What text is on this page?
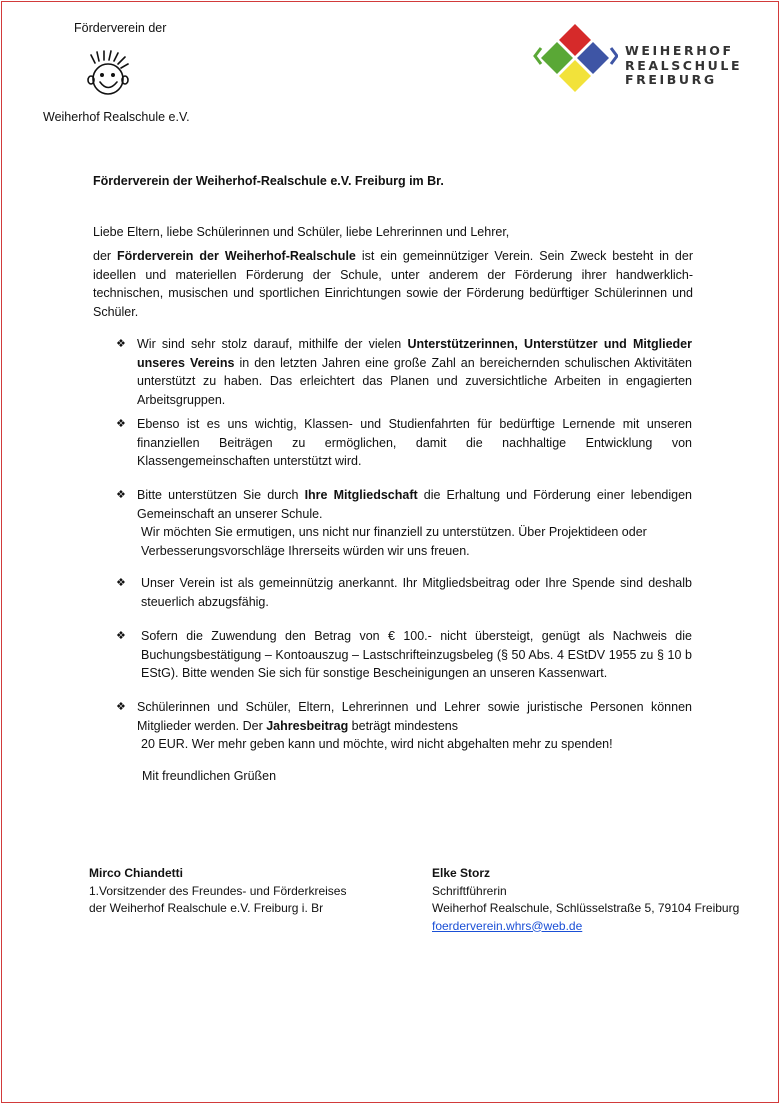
Förderverein der
Weiherhof Realschule e.V.
WEIHERHOF
REALSCHULE
FREIBURG
Förderverein der Weiherhof-Realschule e.V. Freiburg im Br.
Liebe Eltern, liebe Schülerinnen und Schüler, liebe Lehrerinnen und Lehrer,
der Förderverein der Weiherhof-Realschule ist ein gemeinnütziger Verein. Sein Zweck besteht in der ideellen und materiellen Förderung der Schule, unter anderem der Förderung ihrer handwerklich-technischen, musischen und sportlichen Einrichtungen sowie der Förderung bedürftiger Schülerinnen und Schüler.
❖ Wir sind sehr stolz darauf, mithilfe der vielen Unterstützerinnen, Unterstützer und Mitglieder unseres Vereins in den letzten Jahren eine große Zahl an bereichernden schulischen Aktivitäten unterstützt zu haben. Das erleichtert das Planen und zuversichtliche Arbeiten in engagierten Arbeitsgruppen.
❖ Ebenso ist es uns wichtig, Klassen- und Studienfahrten für bedürftige Lernende mit unseren finanziellen Beiträgen zu ermöglichen, damit die nachhaltige Entwicklung von Klassengemeinschaften unterstützt wird.
❖ Bitte unterstützen Sie durch Ihre Mitgliedschaft die Erhaltung und Förderung einer lebendigen Gemeinschaft an unserer Schule.
Wir möchten Sie ermutigen, uns nicht nur finanziell zu unterstützen. Über Projektideen oder Verbesserungsvorschläge Ihrerseits würden wir uns freuen.
❖	Unser Verein ist als gemeinnützig anerkannt. Ihr Mitgliedsbeitrag oder Ihre Spende sind deshalb steuerlich abzugsfähig.
❖	Sofern die Zuwendung den Betrag von € 100.- nicht übersteigt, genügt als Nachweis die Buchungsbestätigung – Kontoauszug – Lastschrifteinzugsbeleg (§ 50 Abs. 4 EStDV 1955 zu § 10 b EStG). Bitte wenden Sie sich für sonstige Bescheinigungen an unseren Kassenwart.
❖ Schülerinnen und Schüler, Eltern, Lehrerinnen und Lehrer sowie juristische Personen können Mitglieder werden. Der Jahresbeitrag beträgt mindestens
20 EUR. Wer mehr geben kann und möchte, wird nicht abgehalten mehr zu spenden!
Mit freundlichen Grüßen
Mirco Chiandetti
1.Vorsitzender des Freundes- und Förderkreises
der Weiherhof Realschule e.V. Freiburg i. Br
Elke Storz
Schriftführerin
Weiherhof Realschule, Schlüsselstraße 5, 79104 Freiburg
foerderverein.whrs@web.de
